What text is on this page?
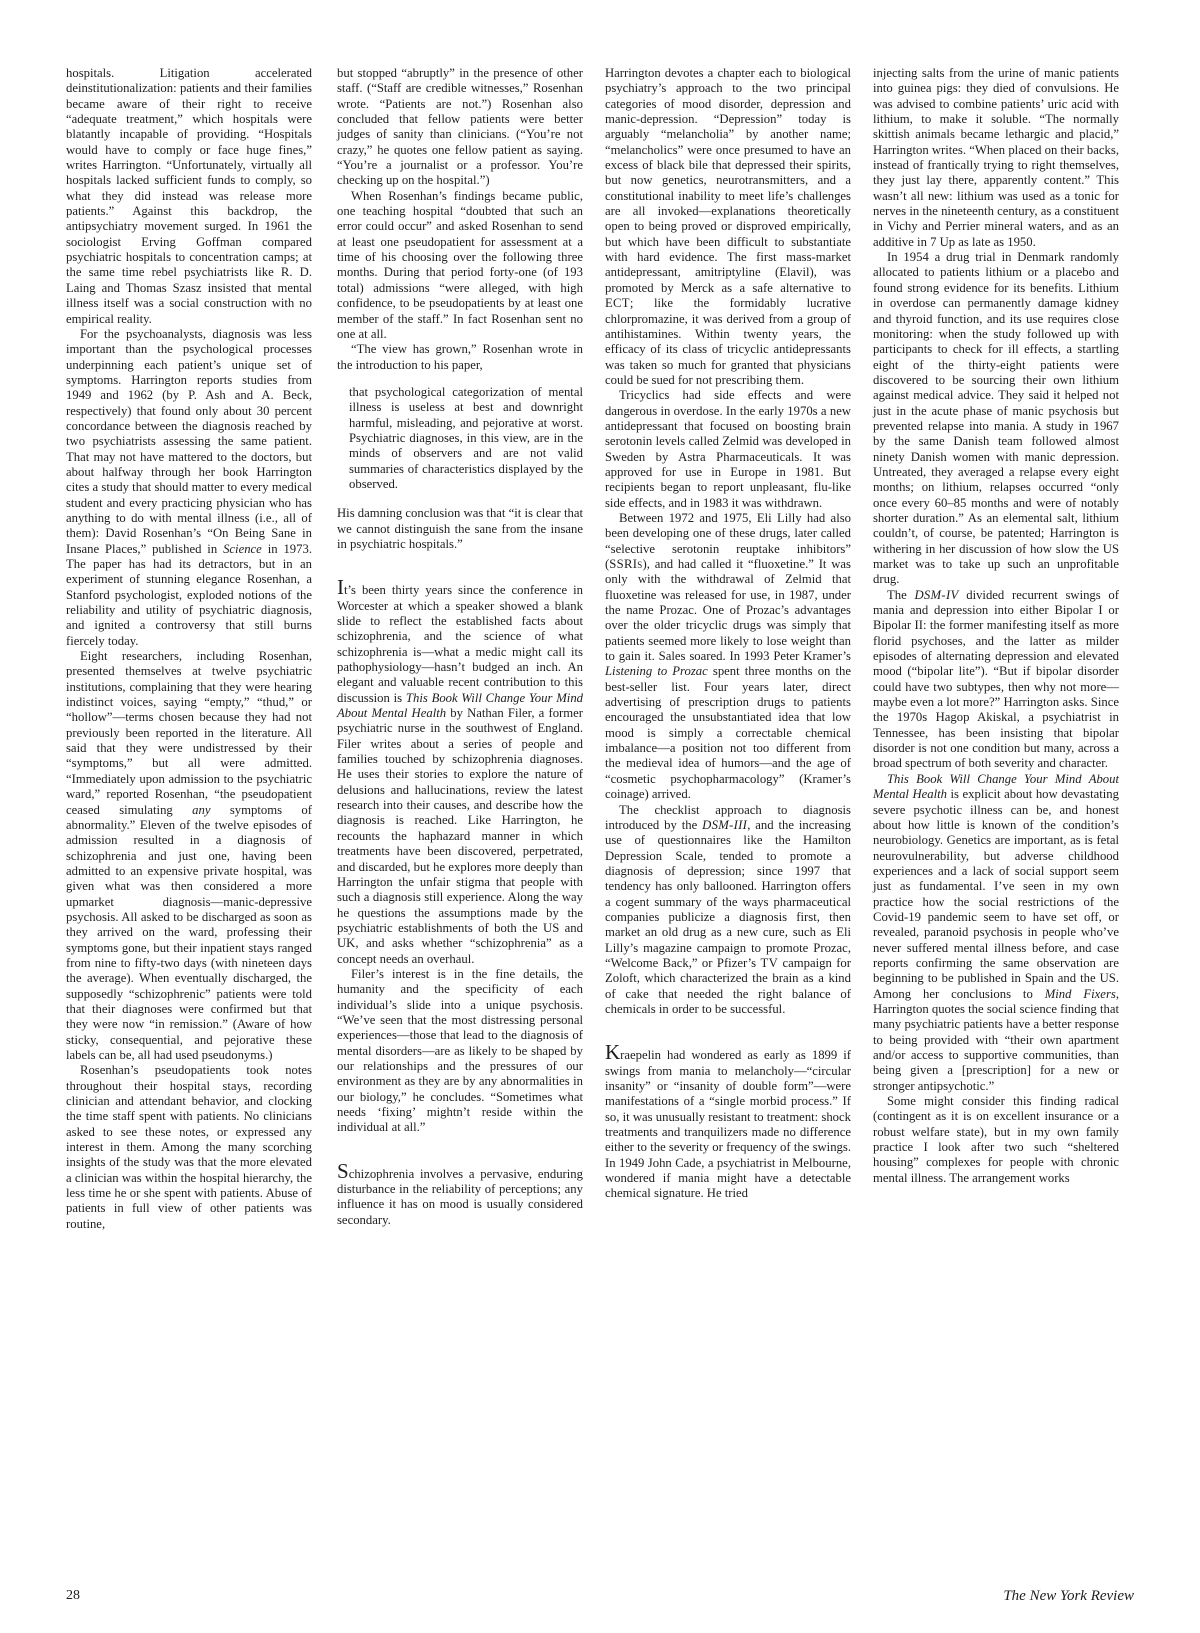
hospitals. Litigation accelerated deinstitutionalization: patients and their families became aware of their right to receive “adequate treatment,” which hospitals were blatantly incapable of providing. “Hospitals would have to comply or face huge fines,” writes Harrington. “Unfortunately, virtually all hospitals lacked sufficient funds to comply, so what they did instead was release more patients.” Against this backdrop, the antipsychiatry movement surged. In 1961 the sociologist Erving Goffman compared psychiatric hospitals to concentration camps; at the same time rebel psychiatrists like R. D. Laing and Thomas Szasz insisted that mental illness itself was a social construction with no empirical reality.

For the psychoanalysts, diagnosis was less important than the psychological processes underpinning each patient’s unique set of symptoms. Harrington reports studies from 1949 and 1962 (by P. Ash and A. Beck, respectively) that found only about 30 percent concordance between the diagnosis reached by two psychiatrists assessing the same patient. That may not have mattered to the doctors, but about halfway through her book Harrington cites a study that should matter to every medical student and every practicing physician who has anything to do with mental illness (i.e., all of them): David Rosenhan’s “On Being Sane in Insane Places,” published in Science in 1973. The paper has had its detractors, but in an experiment of stunning elegance Rosenhan, a Stanford psychologist, exploded notions of the reliability and utility of psychiatric diagnosis, and ignited a controversy that still burns fiercely today.

Eight researchers, including Rosenhan, presented themselves at twelve psychiatric institutions, complaining that they were hearing indistinct voices, saying “empty,” “thud,” or “hollow”—terms chosen because they had not previously been reported in the literature. All said that they were undistressed by their “symptoms,” but all were admitted. “Immediately upon admission to the psychiatric ward,” reported Rosenhan, “the pseudopatient ceased simulating any symptoms of abnormality.” Eleven of the twelve episodes of admission resulted in a diagnosis of schizophrenia and just one, having been admitted to an expensive private hospital, was given what was then considered a more upmarket diagnosis—manic-depressive psychosis. All asked to be discharged as soon as they arrived on the ward, professing their symptoms gone, but their inpatient stays ranged from nine to fifty-two days (with nineteen days the average). When eventually discharged, the supposedly “schizophrenic” patients were told that their diagnoses were confirmed but that they were now “in remission.” (Aware of how sticky, consequential, and pejorative these labels can be, all had used pseudonyms.)

Rosenhan’s pseudopatients took notes throughout their hospital stays, recording clinician and attendant behavior, and clocking the time staff spent with patients. No clinicians asked to see these notes, or expressed any interest in them. Among the many scorching insights of the study was that the more elevated a clinician was within the hospital hierarchy, the less time he or she spent with patients. Abuse of patients in full view of other patients was routine,

but stopped “abruptly” in the presence of other staff. (“Staff are credible witnesses,” Rosenhan wrote. “Patients are not.”) Rosenhan also concluded that fellow patients were better judges of sanity than clinicians. (“You’re not crazy,” he quotes one fellow patient as saying. “You’re a journalist or a professor. You’re checking up on the hospital.”)

When Rosenhan’s findings became public, one teaching hospital “doubted that such an error could occur” and asked Rosenhan to send at least one pseudopatient for assessment at a time of his choosing over the following three months. During that period forty-one (of 193 total) admissions “were alleged, with high confidence, to be pseudopatients by at least one member of the staff.” In fact Rosenhan sent no one at all.

“The view has grown,” Rosenhan wrote in the introduction to his paper,

that psychological categorization of mental illness is useless at best and downright harmful, misleading, and pejorative at worst. Psychiatric diagnoses, in this view, are in the minds of observers and are not valid summaries of characteristics displayed by the observed.

His damning conclusion was that “it is clear that we cannot distinguish the sane from the insane in psychiatric hospitals.”

It’s been thirty years since the conference in Worcester at which a speaker showed a blank slide to reflect the established facts about schizophrenia, and the science of what schizophrenia is—what a medic might call its pathophysiology—hasn’t budged an inch. An elegant and valuable recent contribution to this discussion is This Book Will Change Your Mind About Mental Health by Nathan Filer, a former psychiatric nurse in the southwest of England. Filer writes about a series of people and families touched by schizophrenia diagnoses. He uses their stories to explore the nature of delusions and hallucinations, review the latest research into their causes, and describe how the diagnosis is reached. Like Harrington, he recounts the haphazard manner in which treatments have been discovered, perpetrated, and discarded, but he explores more deeply than Harrington the unfair stigma that people with such a diagnosis still experience. Along the way he questions the assumptions made by the psychiatric establishments of both the US and UK, and asks whether “schizophrenia” as a concept needs an overhaul.

Filer’s interest is in the fine details, the humanity and the specificity of each individual’s slide into a unique psychosis. “We’ve seen that the most distressing personal experiences—those that lead to the diagnosis of mental disorders—are as likely to be shaped by our relationships and the pressures of our environment as they are by any abnormalities in our biology,” he concludes. “Sometimes what needs ‘fixing’ mightn’t reside within the individual at all.”

Schizophrenia involves a pervasive, enduring disturbance in the reliability of perceptions; any influence it has on mood is usually considered secondary.

Harrington devotes a chapter each to biological psychiatry’s approach to the two principal categories of mood disorder, depression and manic-depression. “Depression” today is arguably “melancholia” by another name; “melancholics” were once presumed to have an excess of black bile that depressed their spirits, but now genetics, neurotransmitters, and a constitutional inability to meet life’s challenges are all invoked—explanations theoretically open to being proved or disproved empirically, but which have been difficult to substantiate with hard evidence. The first mass-market antidepressant, amitriptyline (Elavil), was promoted by Merck as a safe alternative to ECT; like the formidably lucrative chlorpromazine, it was derived from a group of antihistamines. Within twenty years, the efficacy of its class of tricyclic antidepressants was taken so much for granted that physicians could be sued for not prescribing them.

Tricyclics had side effects and were dangerous in overdose. In the early 1970s a new antidepressant that focused on boosting brain serotonin levels called Zelmid was developed in Sweden by Astra Pharmaceuticals. It was approved for use in Europe in 1981. But recipients began to report unpleasant, flu-like side effects, and in 1983 it was withdrawn.

Between 1972 and 1975, Eli Lilly had also been developing one of these drugs, later called “selective serotonin reuptake inhibitors” (SSRIs), and had called it “fluoxetine.” It was only with the withdrawal of Zelmid that fluoxetine was released for use, in 1987, under the name Prozac. One of Prozac’s advantages over the older tricyclic drugs was simply that patients seemed more likely to lose weight than to gain it. Sales soared. In 1993 Peter Kramer’s Listening to Prozac spent three months on the best-seller list. Four years later, direct advertising of prescription drugs to patients encouraged the unsubstantiated idea that low mood is simply a correctable chemical imbalance—a position not too different from the medieval idea of humors—and the age of “cosmetic psychopharmacology” (Kramer’s coinage) arrived.

The checklist approach to diagnosis introduced by the DSM-III, and the increasing use of questionnaires like the Hamilton Depression Scale, tended to promote a diagnosis of depression; since 1997 that tendency has only ballooned. Harrington offers a cogent summary of the ways pharmaceutical companies publicize a diagnosis first, then market an old drug as a new cure, such as Eli Lilly’s magazine campaign to promote Prozac, “Welcome Back,” or Pfizer’s TV campaign for Zoloft, which characterized the brain as a kind of cake that needed the right balance of chemicals in order to be successful.

Kraepelin had wondered as early as 1899 if swings from mania to melancholy—“circular insanity” or “insanity of double form”—were manifestations of a “single morbid process.” If so, it was unusually resistant to treatment: shock treatments and tranquilizers made no difference either to the severity or frequency of the swings. In 1949 John Cade, a psychiatrist in Melbourne, wondered if mania might have a detectable chemical signature. He tried

injecting salts from the urine of manic patients into guinea pigs: they died of convulsions. He was advised to combine patients’ uric acid with lithium, to make it soluble. “The normally skittish animals became lethargic and placid,” Harrington writes. “When placed on their backs, instead of frantically trying to right themselves, they just lay there, apparently content.” This wasn’t all new: lithium was used as a tonic for nerves in the nineteenth century, as a constituent in Vichy and Perrier mineral waters, and as an additive in 7 Up as late as 1950.

In 1954 a drug trial in Denmark randomly allocated to patients lithium or a placebo and found strong evidence for its benefits. Lithium in overdose can permanently damage kidney and thyroid function, and its use requires close monitoring: when the study followed up with participants to check for ill effects, a startling eight of the thirty-eight patients were discovered to be sourcing their own lithium against medical advice. They said it helped not just in the acute phase of manic psychosis but prevented relapse into mania. A study in 1967 by the same Danish team followed almost ninety Danish women with manic depression. Untreated, they averaged a relapse every eight months; on lithium, relapses occurred “only once every 60–85 months and were of notably shorter duration.” As an elemental salt, lithium couldn’t, of course, be patented; Harrington is withering in her discussion of how slow the US market was to take up such an unprofitable drug.

The DSM-IV divided recurrent swings of mania and depression into either Bipolar I or Bipolar II: the former manifesting itself as more florid psychoses, and the latter as milder episodes of alternating depression and elevated mood (“bipolar lite”). “But if bipolar disorder could have two subtypes, then why not more—maybe even a lot more?” Harrington asks. Since the 1970s Hagop Akiskal, a psychiatrist in Tennessee, has been insisting that bipolar disorder is not one condition but many, across a broad spectrum of both severity and character.

This Book Will Change Your Mind About Mental Health is explicit about how devastating severe psychotic illness can be, and honest about how little is known of the condition’s neurobiology. Genetics are important, as is fetal neurovulnerability, but adverse childhood experiences and a lack of social support seem just as fundamental. I’ve seen in my own practice how the social restrictions of the Covid-19 pandemic seem to have set off, or revealed, paranoid psychosis in people who’ve never suffered mental illness before, and case reports confirming the same observation are beginning to be published in Spain and the US. Among her conclusions to Mind Fixers, Harrington quotes the social science finding that many psychiatric patients have a better response to being provided with “their own apartment and/or access to supportive communities, than being given a [prescription] for a new or stronger antipsychotic.”

Some might consider this finding radical (contingent as it is on excellent insurance or a robust welfare state), but in my own family practice I look after two such “sheltered housing” complexes for people with chronic mental illness. The arrangement works

28	The New York Review
